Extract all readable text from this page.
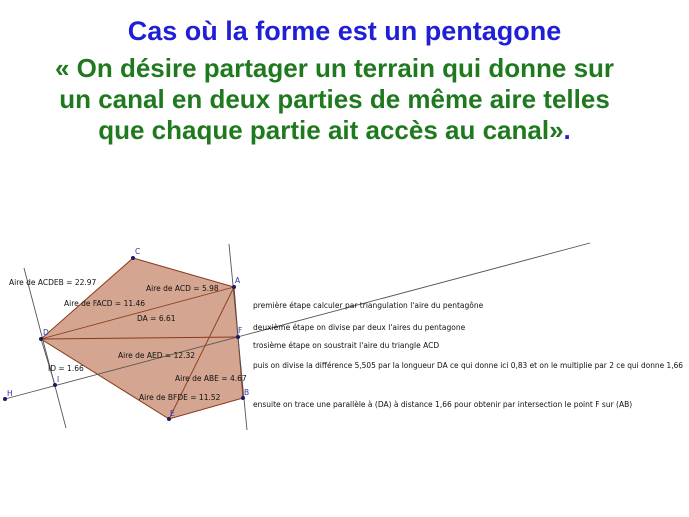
Cas où la forme est un pentagone
« On désire partager un terrain qui donne sur
un canal en deux parties de même aire telles
que chaque partie ait accès au canal».
A
B
C
D
E
F
H
I
Aire de ACDEB = 22.97
Aire de ACD = 5.98
Aire de FACD = 11.46
DA = 6.61
Aire de AED = 12.32
ID = 1.66
Aire de ABE = 4.67
Aire de BFDE = 11.52
première étape calculer par triangulation l'aire du pentagône
deuxième étape on divise par deux l'aires du pentagone
trosième étape on soustrait l'aire du triangle ACD
puis on divise la différence 5,505 par la longueur DA ce qui donne ici 0,83 et on le multiplie par 2 ce qui donne 1,66
ensuite on trace une parallèle à (DA) à distance 1,66 pour obtenir par intersection le point F sur (AB)
